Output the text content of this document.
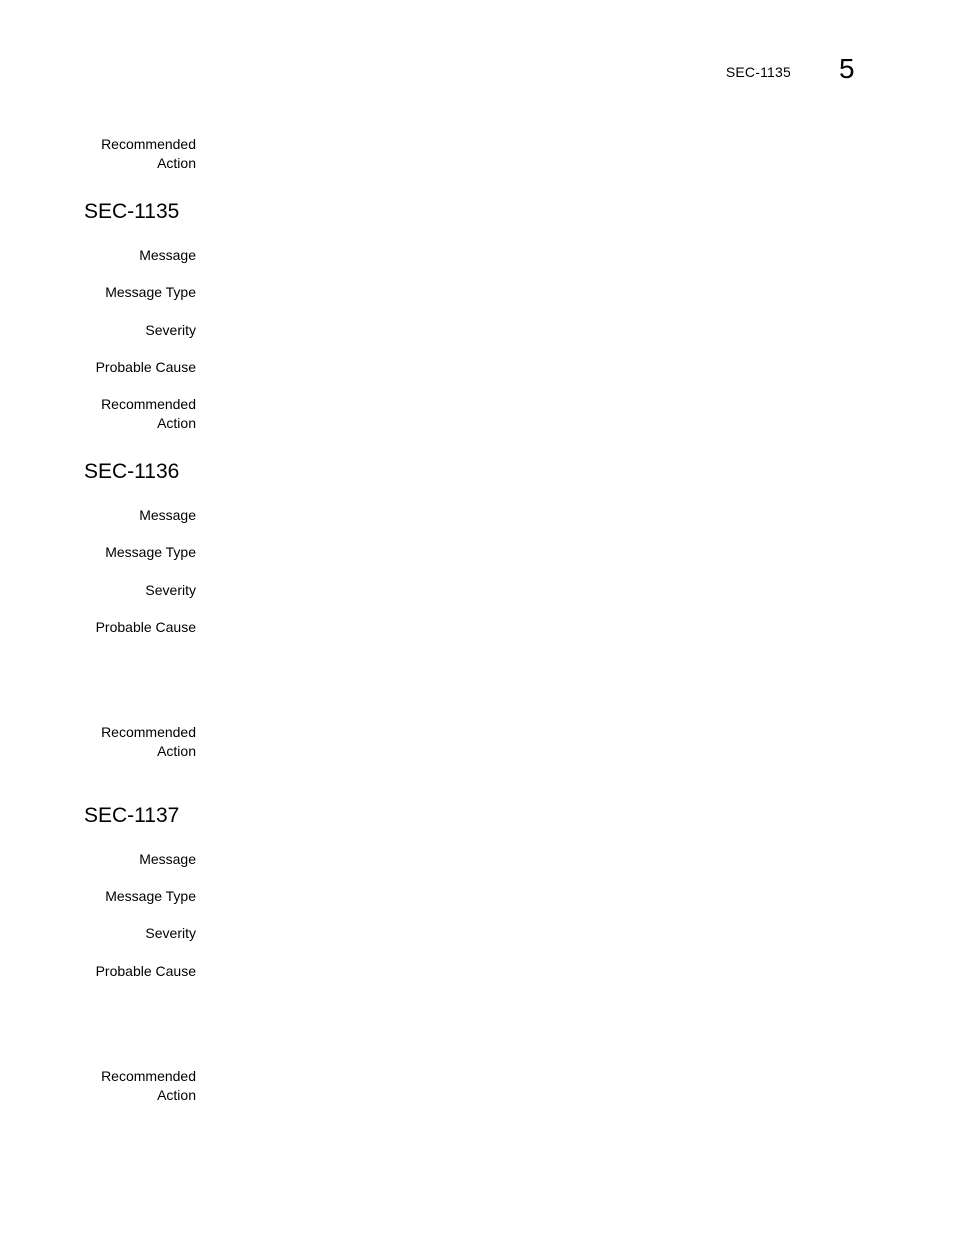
SEC-1135 5
Recommended
Action
SEC-1135
Message
Message Type
Severity
Probable Cause
Recommended
Action
SEC-1136
Message
Message Type
Severity
Probable Cause
Recommended
Action
SEC-1137
Message
Message Type
Severity
Probable Cause
Recommended
Action
